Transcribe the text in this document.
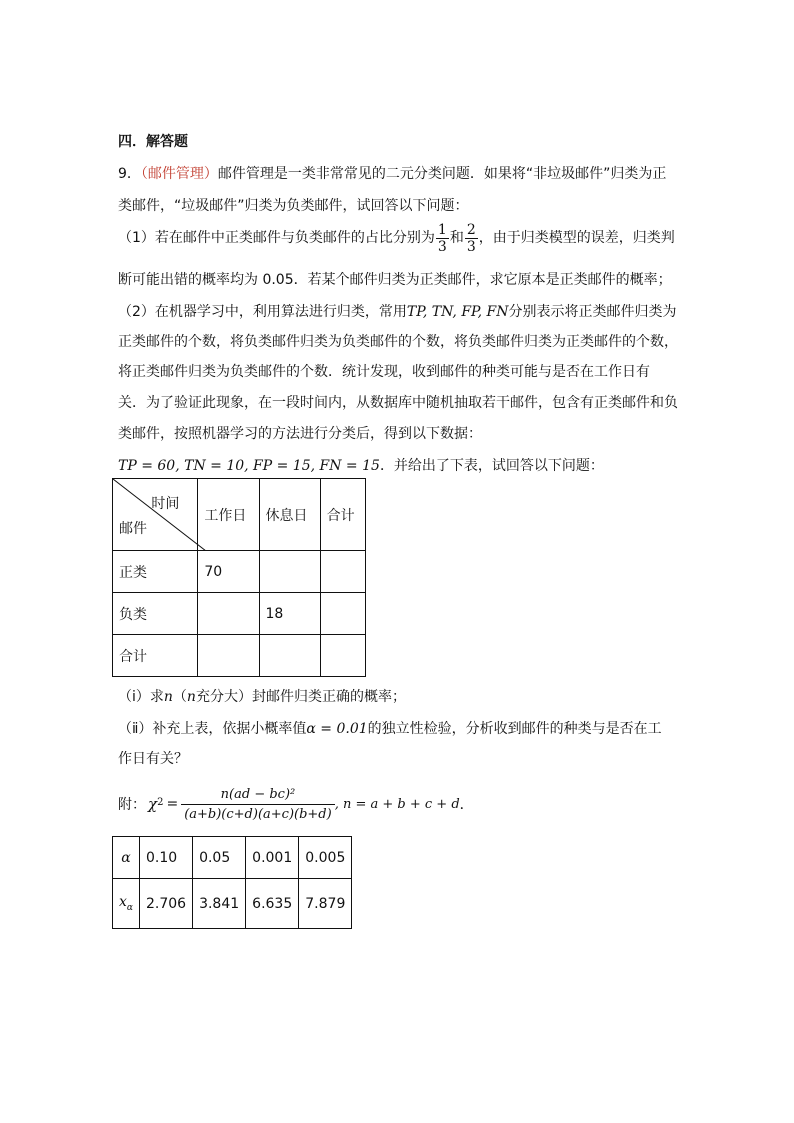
四．解答题
9．（邮件管理）邮件管理是一类非常常见的二元分类问题．如果将“非垃圾邮件”归类为正
类邮件，“垃圾邮件”归类为负类邮件，试回答以下问题：
（1）若在邮件中正类邮件与负类邮件的占比分别为 $\frac{1}{3}$ 和 $\frac{2}{3}$ ，由于归类模型的误差，归类判
断可能出错的概率均为 0.05．若某个邮件归类为正类邮件，求它原本是正类邮件的概率；
（2）在机器学习中，利用算法进行归类，常用TP, TN, FP, FN分别表示将正类邮件归类为
正类邮件的个数，将负类邮件归类为负类邮件的个数，将负类邮件归类为正类邮件的个数，
将正类邮件归类为负类邮件的个数．统计发现，收到邮件的种类可能与是否在工作日有
关．为了验证此现象，在一段时间内，从数据库中随机抽取若干邮件，包含有正类邮件和负
类邮件，按照机器学习的方法进行分类后，得到以下数据：
TP = 60, TN = 10, FP = 15, FN = 15．并给出了下表，试回答以下问题：
时间
邮件	工作日	休息日	合计
正类	70		
负类		18	
合计			
（ⅰ）求n（n充分大）封邮件归类正确的概率；
（ⅱ）补充上表，依据小概率值α = 0.01的独立性检验，分析收到邮件的种类与是否在工
作日有关？
附： $\chi^2 = \frac{\text{n(ad − bc)²}}{(a+b)(c+d)(a+c)(b+d)}$ , n = a + b + c + d ．
α	0.10	0.05	0.001	0.005
$x_\alpha$	2.706	3.841	6.635	7.879
